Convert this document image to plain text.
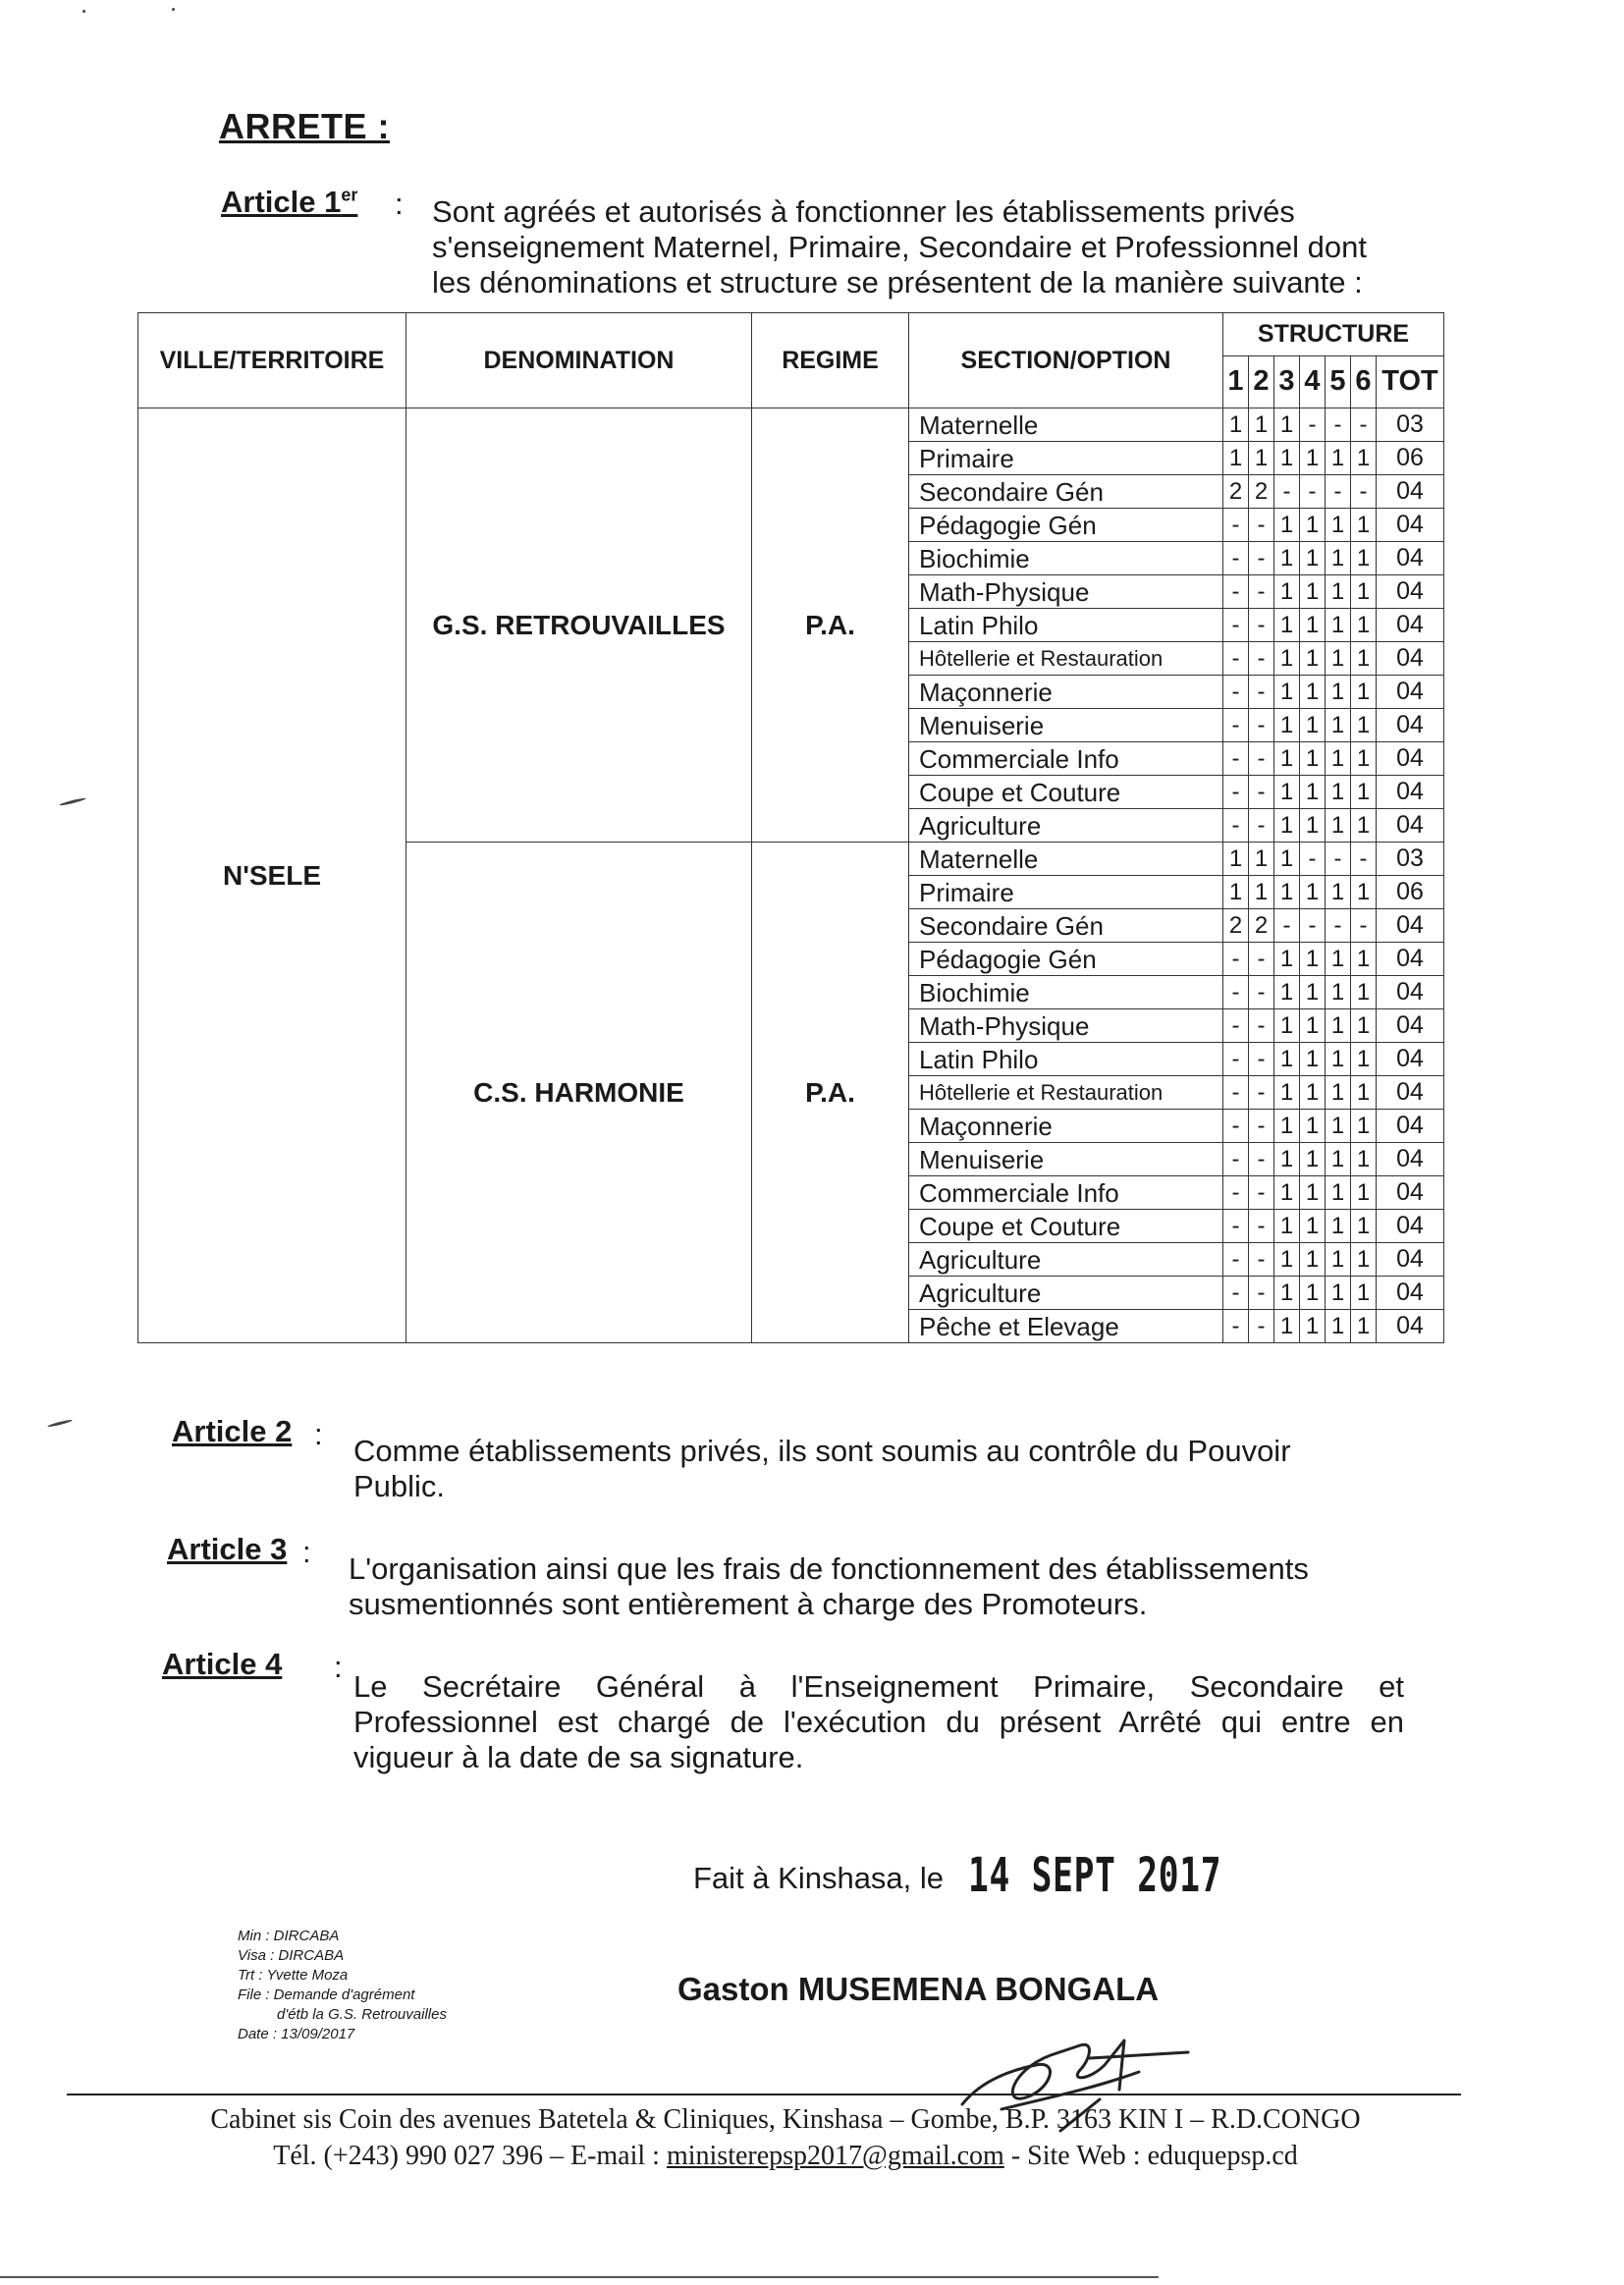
ARRETE :
Article 1er : Sont agréés et autorisés à fonctionner les établissements privés
s'enseignement Maternel, Primaire, Secondaire et Professionnel dont
les dénominations et structure se présentent de la manière suivante :
VILLE/TERRITOIRE	DENOMINATION	REGIME	SECTION/OPTION	STRUCTURE						
				1	2	3	4	5	6	TOT
N'SELE	G.S. RETROUVAILLES	P.A.	Maternelle	1	1	1	-	-	-	03
			Primaire	1	1	1	1	1	1	06
			Secondaire Gén	2	2	-	-	-	-	04
			Pédagogie Gén	-	-	1	1	1	1	04
			Biochimie	-	-	1	1	1	1	04
			Math-Physique	-	-	1	1	1	1	04
			Latin Philo	-	-	1	1	1	1	04
			Hôtellerie et Restauration	-	-	1	1	1	1	04
			Maçonnerie	-	-	1	1	1	1	04
			Menuiserie	-	-	1	1	1	1	04
			Commerciale Info	-	-	1	1	1	1	04
			Coupe et Couture	-	-	1	1	1	1	04
			Agriculture	-	-	1	1	1	1	04
	C.S. HARMONIE	P.A.	Maternelle	1	1	1	-	-	-	03
			Primaire	1	1	1	1	1	1	06
			Secondaire Gén	2	2	-	-	-	-	04
			Pédagogie Gén	-	-	1	1	1	1	04
			Biochimie	-	-	1	1	1	1	04
			Math-Physique	-	-	1	1	1	1	04
			Latin Philo	-	-	1	1	1	1	04
			Hôtellerie et Restauration	-	-	1	1	1	1	04
			Maçonnerie	-	-	1	1	1	1	04
			Menuiserie	-	-	1	1	1	1	04
			Commerciale Info	-	-	1	1	1	1	04
			Coupe et Couture	-	-	1	1	1	1	04
			Agriculture	-	-	1	1	1	1	04
			Agriculture	-	-	1	1	1	1	04
			Pêche et Elevage	-	-	1	1	1	1	04
Article 2 : Comme établissements privés, ils sont soumis au contrôle du Pouvoir
Public.
Article 3 : L'organisation ainsi que les frais de fonctionnement des établissements
susmentionnés sont entièrement à charge des Promoteurs.
Article 4 :
Le Secrétaire Général à l'Enseignement Primaire, Secondaire et
Professionnel est chargé de l'exécution du présent Arrêté qui entre en
vigueur à la date de sa signature.
Fait à Kinshasa, le 14 SEPT 2017
Min : DIRCABA
Visa : DIRCABA
Trt : Yvette Moza
File : Demande d'agrément
d'étb la G.S. Retrouvailles
Date : 13/09/2017
Gaston MUSEMENA BONGALA
Cabinet sis Coin des avenues Batetela & Cliniques, Kinshasa – Gombe, B.P. 3163 KIN I – R.D.CONGO
Tél. (+243) 990 027 396 – E-mail : ministerepsp2017@gmail.com - Site Web : eduquepsp.cd
